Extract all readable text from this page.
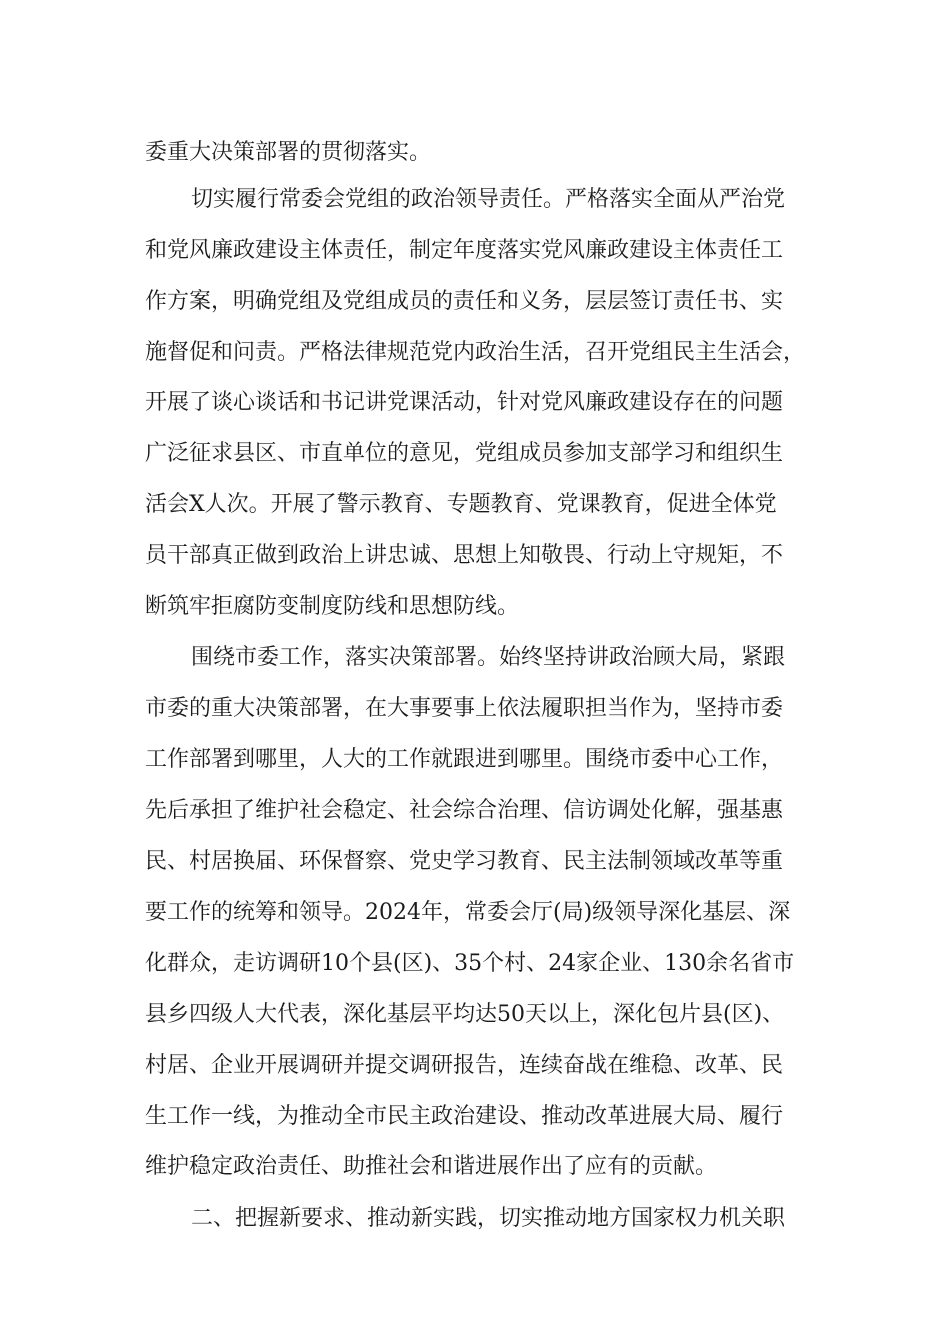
委重大决策部署的贯彻落实。
切实履行常委会党组的政治领导责任。严格落实全面从严治党
和党风廉政建设主体责任，制定年度落实党风廉政建设主体责任工
作方案，明确党组及党组成员的责任和义务，层层签订责任书、实
施督促和问责。严格法律规范党内政治生活，召开党组民主生活会，
开展了谈心谈话和书记讲党课活动，针对党风廉政建设存在的问题
广泛征求县区、市直单位的意见，党组成员参加支部学习和组织生
活会X人次。开展了警示教育、专题教育、党课教育，促进全体党
员干部真正做到政治上讲忠诚、思想上知敬畏、行动上守规矩，不
断筑牢拒腐防变制度防线和思想防线。
围绕市委工作，落实决策部署。始终坚持讲政治顾大局，紧跟
市委的重大决策部署，在大事要事上依法履职担当作为，坚持市委
工作部署到哪里，人大的工作就跟进到哪里。围绕市委中心工作，
先后承担了维护社会稳定、社会综合治理、信访调处化解，强基惠
民、村居换届、环保督察、党史学习教育、民主法制领域改革等重
要工作的统筹和领导。2024年，常委会厅(局)级领导深化基层、深
化群众，走访调研10个县(区)、35个村、24家企业、130余名省市
县乡四级人大代表，深化基层平均达50天以上，深化包片县(区)、
村居、企业开展调研并提交调研报告，连续奋战在维稳、改革、民
生工作一线，为推动全市民主政治建设、推动改革进展大局、履行
维护稳定政治责任、助推社会和谐进展作出了应有的贡献。
二、把握新要求、推动新实践，切实推动地方国家权力机关职
